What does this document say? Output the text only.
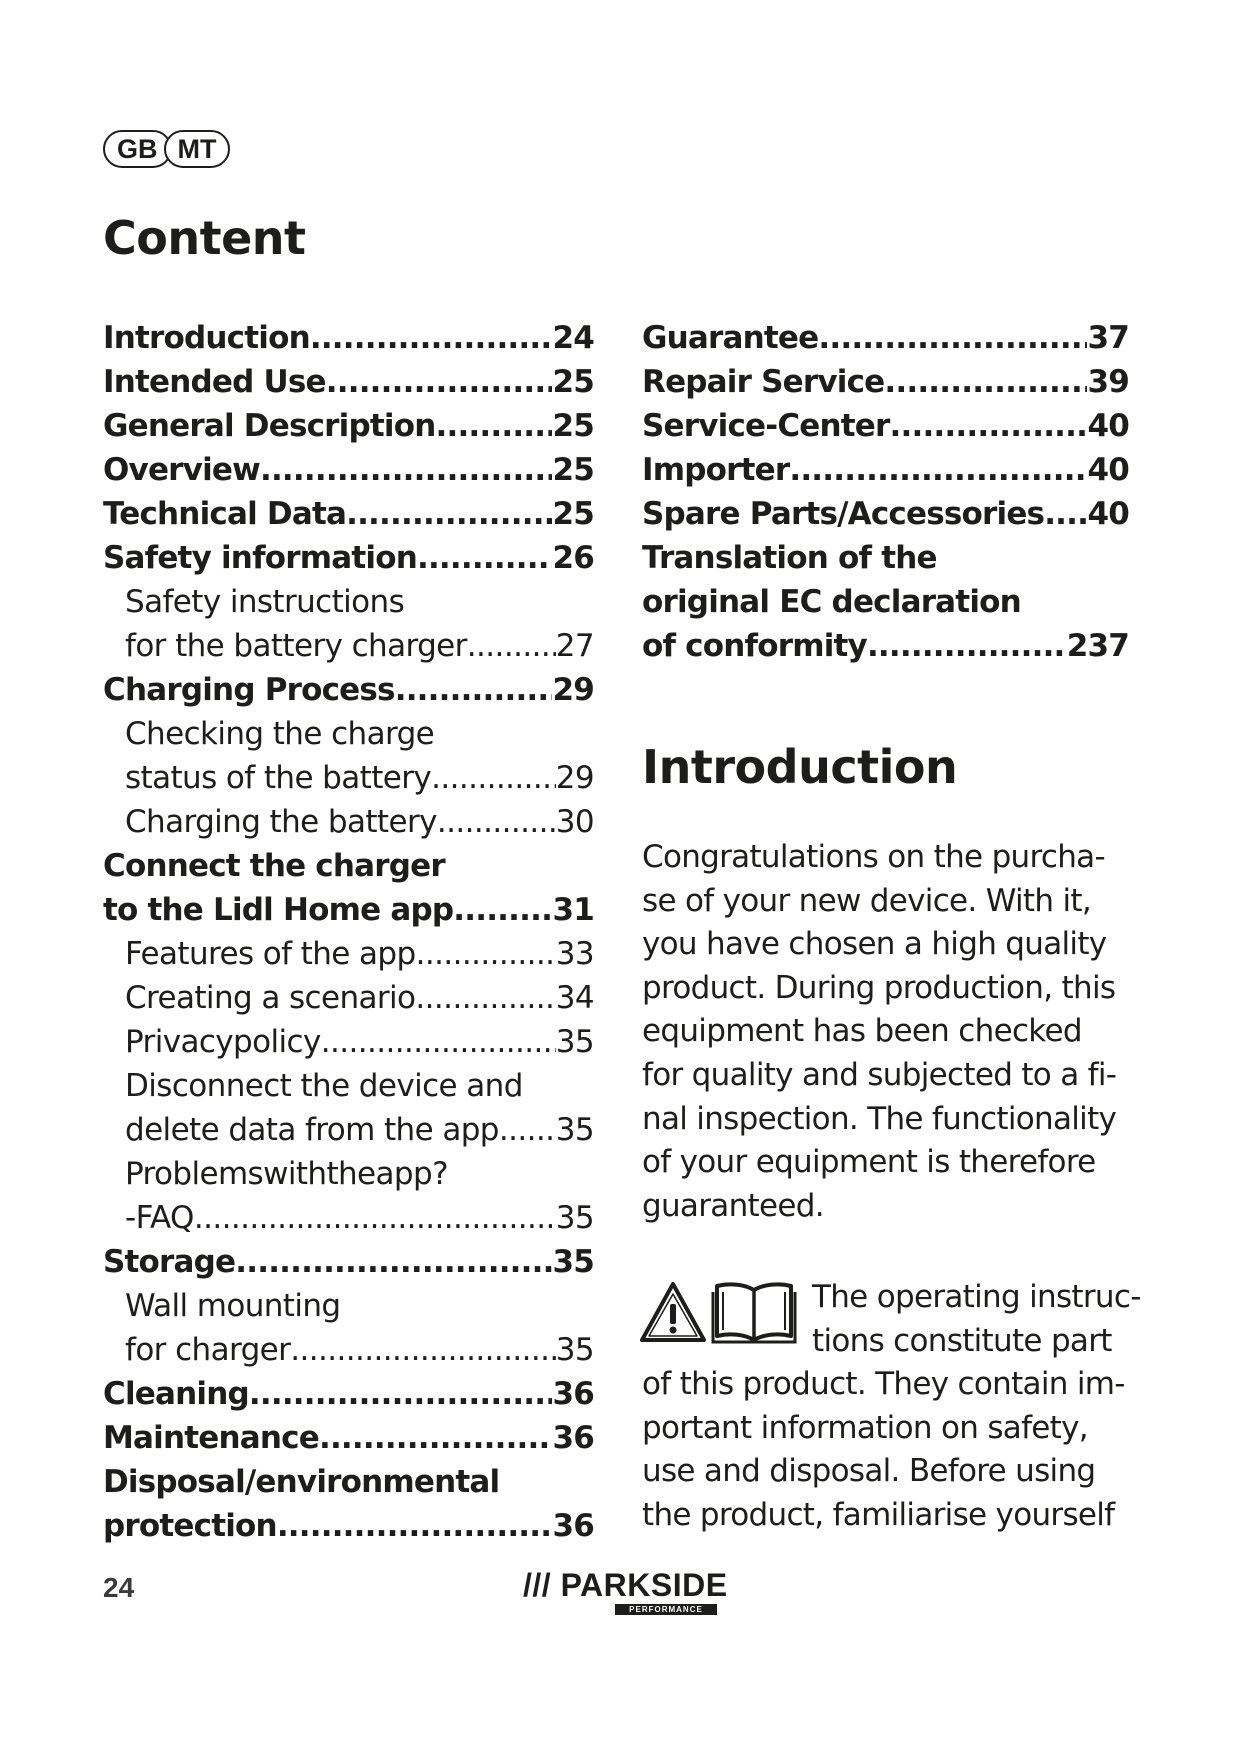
GB MT
Content
Introduction .....	24
Intended Use .....	25
General Description .....	25
Overview .....	25
Technical Data .....	25
Safety information .....	26
Safety instructions
for the battery charger .....	27
Charging Process .....	29
Checking the charge
status of the battery .....	29
Charging the battery .....	30
Connect the charger
to the Lidl Home app .....	31
Features of the app .....	33
Creating a scenario .....	34
Privacypolicy .....	35
Disconnect the device and
delete data from the app ..... 35
Problemswiththeapp?
-FAQ .....	35
Storage .....	35
Wall mounting
for charger .....	35
Cleaning .....	36
Maintenance .....	36
Disposal/environmental
protection .....	36
Guarantee .....	37
Repair Service .....	39
Service-Center .....	40
Importer .....	40
Spare Parts/Accessories ..... 40
Translation of the
original EC declaration
of conformity .....	237
Introduction
Congratulations on the purcha-
se of your new device. With it,
you have chosen a high quality
product. During production, this
equipment has been checked
for quality and subjected to a fi-
nal inspection. The functionality
of your equipment is therefore
guaranteed.
The operating instruc-
tions constitute part
of this product. They contain im-
portant information on safety,
use and disposal. Before using
the product, familiarise yourself
24	/// PARKSIDE
PERFORMANCE
